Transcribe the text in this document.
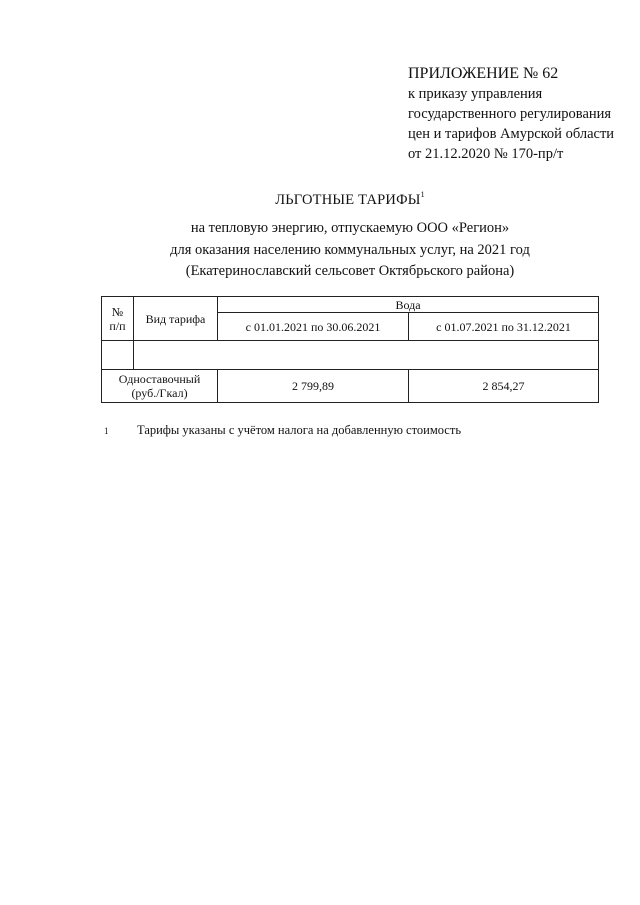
ПРИЛОЖЕНИЕ № 62
к приказу управления
государственного регулирования
цен и тарифов Амурской области
от 21.12.2020 № 170-пр/т
ЛЬГОТНЫЕ ТАРИФЫ$^1$
на тепловую энергию, отпускаемую ООО «Регион»
для оказания населению коммунальных услуг, на 2021 год
(Екатеринославский сельсовет Октябрьского района)
№ п/п	Вид тарифа	Вода	
		с 01.01.2021 по 30.06.2021	с 01.07.2021 по 31.12.2021

Одноставочный (руб./Гкал)		2 799,89	2 854,27
1 Тарифы указаны с учётом налога на добавленную стоимость
